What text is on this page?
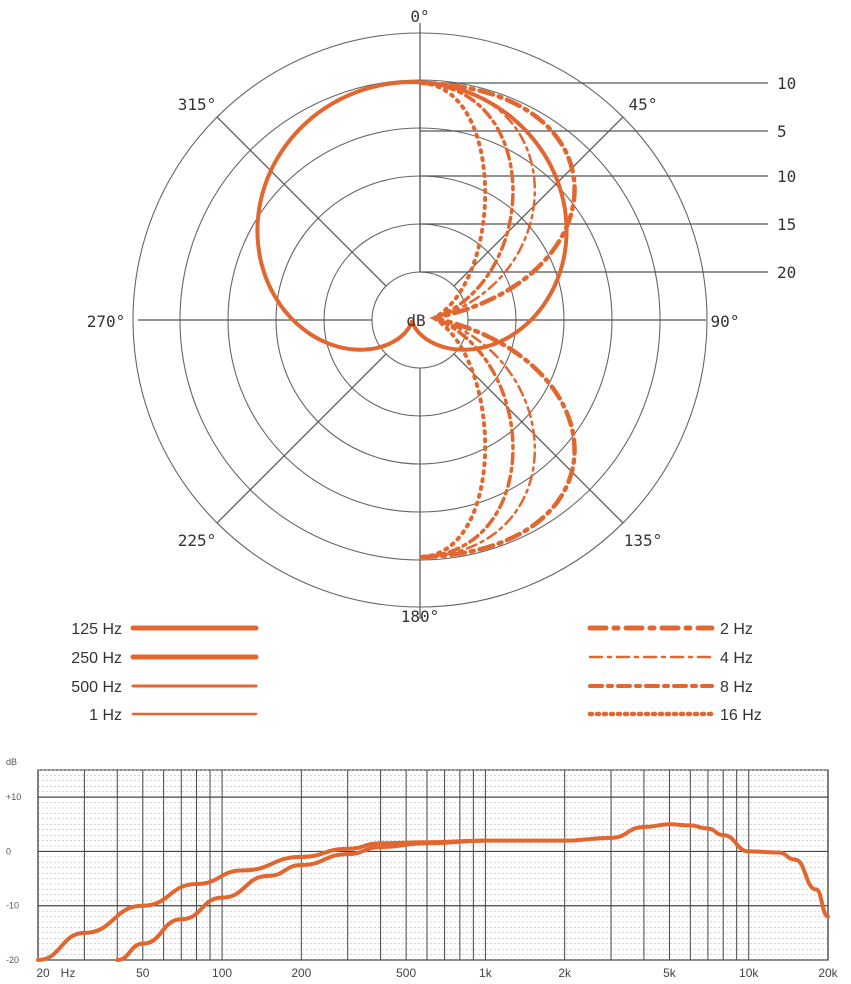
10
5
10
15
20
0°
45°
90°
135°
180°
225°
270°
315°
dB
125 Hz
250 Hz
500 Hz
1 Hz
2 Hz
4 Hz
8 Hz
16 Hz
dB
+10
0
-10
-20
20 Hz	50	100	200	500	1k	2k	5k	10k	20k
